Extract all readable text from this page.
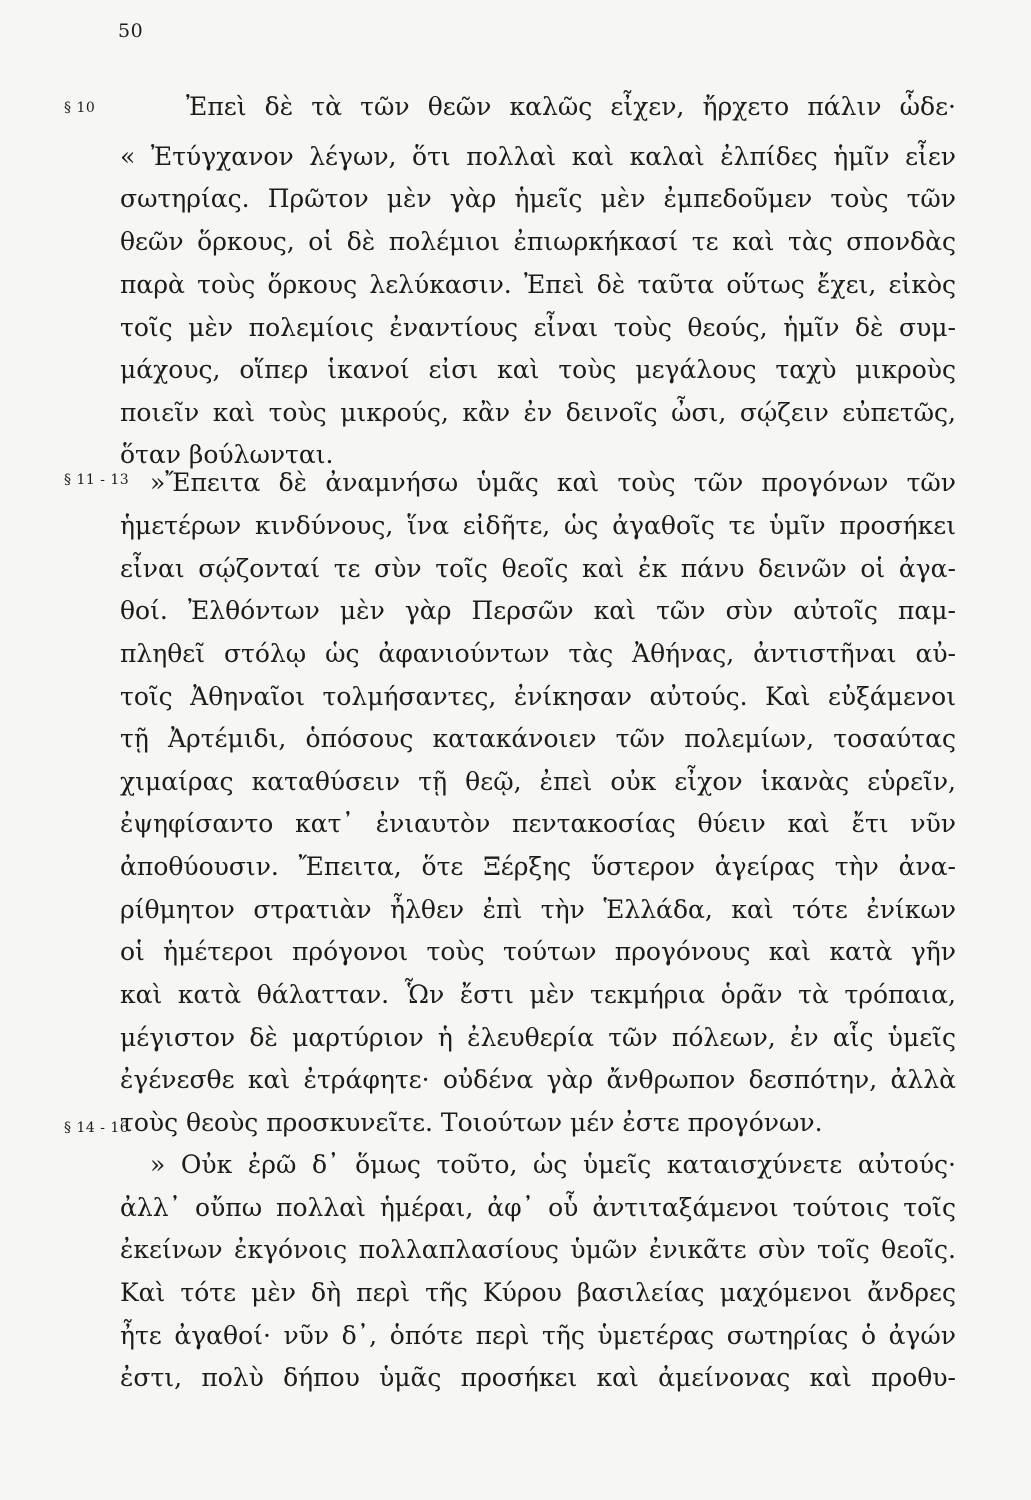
50
§ 10	Ἐπεὶ δὲ τὰ τῶν θεῶν καλῶς εἶχεν, ἤρχετο πάλιν ὧδε·
« Ἐτύγχανον λέγων, ὅτι πολλαὶ καὶ καλαὶ ἐλπίδες ἡμῖν εἶεν
σωτηρίας. Πρῶτον μὲν γὰρ ἡμεῖς μὲν ἐμπεδοῦμεν τοὺς τῶν
θεῶν ὅρκους, οἱ δὲ πολέμιοι ἐπιωρκήκασί τε καὶ τὰς σπονδὰς
παρὰ τοὺς ὅρκους λελύκασιν. Ἐπεὶ δὲ ταῦτα οὕτως ἔχει, εἰκὸς
τοῖς μὲν πολεμίοις ἐναντίους εἶναι τοὺς θεούς, ἡμῖν δὲ συμ-
μάχους, οἵπερ ἱκανοί εἰσι καὶ τοὺς μεγάλους ταχὺ μικροὺς
ποιεῖν καὶ τοὺς μικρούς, κἂν ἐν δεινοῖς ὦσι, σῴζειν εὐπετῶς,
ὅταν βούλωνται.
§ 11 - 13 »Ἔπειτα δὲ ἀναμνήσω ὑμᾶς καὶ τοὺς τῶν προγόνων τῶν
ἡμετέρων κινδύνους, ἵνα εἰδῆτε, ὡς ἀγαθοῖς τε ὑμῖν προσήκει
εἶναι σῴζονταί τε σὺν τοῖς θεοῖς καὶ ἐκ πάνυ δεινῶν οἱ ἀγα-
θοί. Ἐλθόντων μὲν γὰρ Περσῶν καὶ τῶν σὺν αὐτοῖς παμ-
πληθεῖ στόλῳ ὡς ἀφανιούντων τὰς Ἀθήνας, ἀντιστῆναι αὐ-
τοῖς Ἀθηναῖοι τολμήσαντες, ἐνίκησαν αὐτούς. Καὶ εὐξάμενοι
τῇ Ἀρτέμιδι, ὁπόσους κατακάνοιεν τῶν πολεμίων, τοσαύτας
χιμαίρας καταθύσειν τῇ θεῷ, ἐπεὶ οὐκ εἶχον ἱκανὰς εὑρεῖν,
ἐψηφίσαντο κατ᾽ ἐνιαυτὸν πεντακοσίας θύειν καὶ ἔτι νῦν
ἀποθύουσιν. Ἔπειτα, ὅτε Ξέρξης ὕστερον ἀγείρας τὴν ἀνα-
ρίθμητον στρατιὰν ἦλθεν ἐπὶ τὴν Ἑλλάδα, καὶ τότε ἐνίκων
οἱ ἡμέτεροι πρόγονοι τοὺς τούτων προγόνους καὶ κατὰ γῆν
καὶ κατὰ θάλατταν. Ὧν ἔστι μὲν τεκμήρια ὁρᾶν τὰ τρόπαια,
μέγιστον δὲ μαρτύριον ἡ ἐλευθερία τῶν πόλεων, ἐν αἷς ὑμεῖς
ἐγένεσθε καὶ ἐτράφητε· οὐδένα γὰρ ἄνθρωπον δεσπότην, ἀλλὰ
τοὺς θεοὺς προσκυνεῖτε. Τοιούτων μέν ἐστε προγόνων.
§ 14 - 16
» Οὐκ ἐρῶ δ᾽ ὅμως τοῦτο, ὡς ὑμεῖς καταισχύνετε αὐτούς·
ἀλλ᾽ οὔπω πολλαὶ ἡμέραι, ἀφ᾽ οὗ ἀντιταξάμενοι τούτοις τοῖς
ἐκείνων ἐκγόνοις πολλαπλασίους ὑμῶν ἐνικᾶτε σὺν τοῖς θεοῖς.
Καὶ τότε μὲν δὴ περὶ τῆς Κύρου βασιλείας μαχόμενοι ἄνδρες
ἦτε ἀγαθοί· νῦν δ᾽, ὁπότε περὶ τῆς ὑμετέρας σωτηρίας ὁ ἀγών
ἐστι, πολὺ δήπου ὑμᾶς προσήκει καὶ ἀμείνονας καὶ προθυ-
